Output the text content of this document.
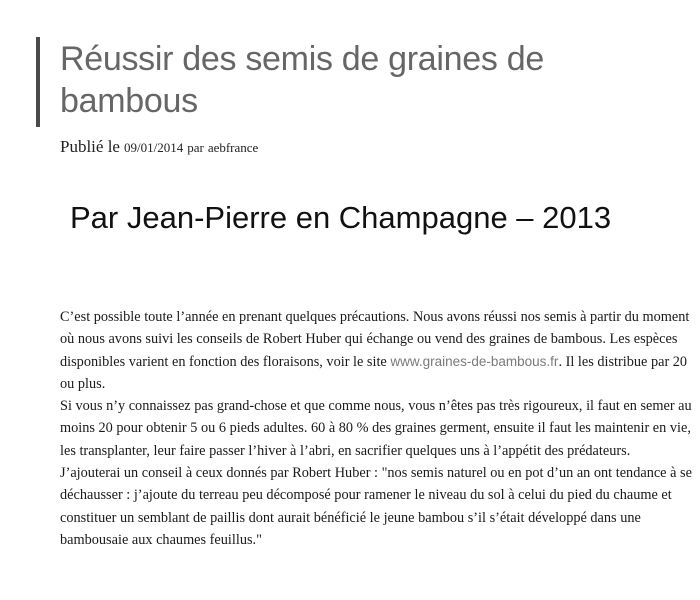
Réussir des semis de graines de bambous
Publié le 09/01/2014 par aebfrance
Par Jean-Pierre en Champagne – 2013

C’est possible toute l’année en prenant quelques précautions. Nous avons réussi nos semis à partir du moment où nous avons suivi les conseils de Robert Huber qui échange ou vend des graines de bambous. Les espèces disponibles varient en fonction des floraisons, voir le site www.graines-de-bambous.fr. Il les distribue par 20 ou plus.

Si vous n’y connaissez pas grand-chose et que comme nous, vous n’êtes pas très rigoureux, il faut en semer au moins 20 pour obtenir 5 ou 6 pieds adultes. 60 à 80 % des graines germent, ensuite il faut les maintenir en vie, les transplanter, leur faire passer l’hiver à l’abri, en sacrifier quelques uns à l’appétit des prédateurs.

J’ajouterai un conseil à ceux donnés par Robert Huber : "nos semis naturel ou en pot d’un an ont tendance à se déchausser : j’ajoute du terreau peu décomposé pour ramener le niveau du sol à celui du pied du chaume et constituer un semblant de paillis dont aurait bénéficié le jeune bambou s’il s’était développé dans une bambousaie aux chaumes feuillus."
